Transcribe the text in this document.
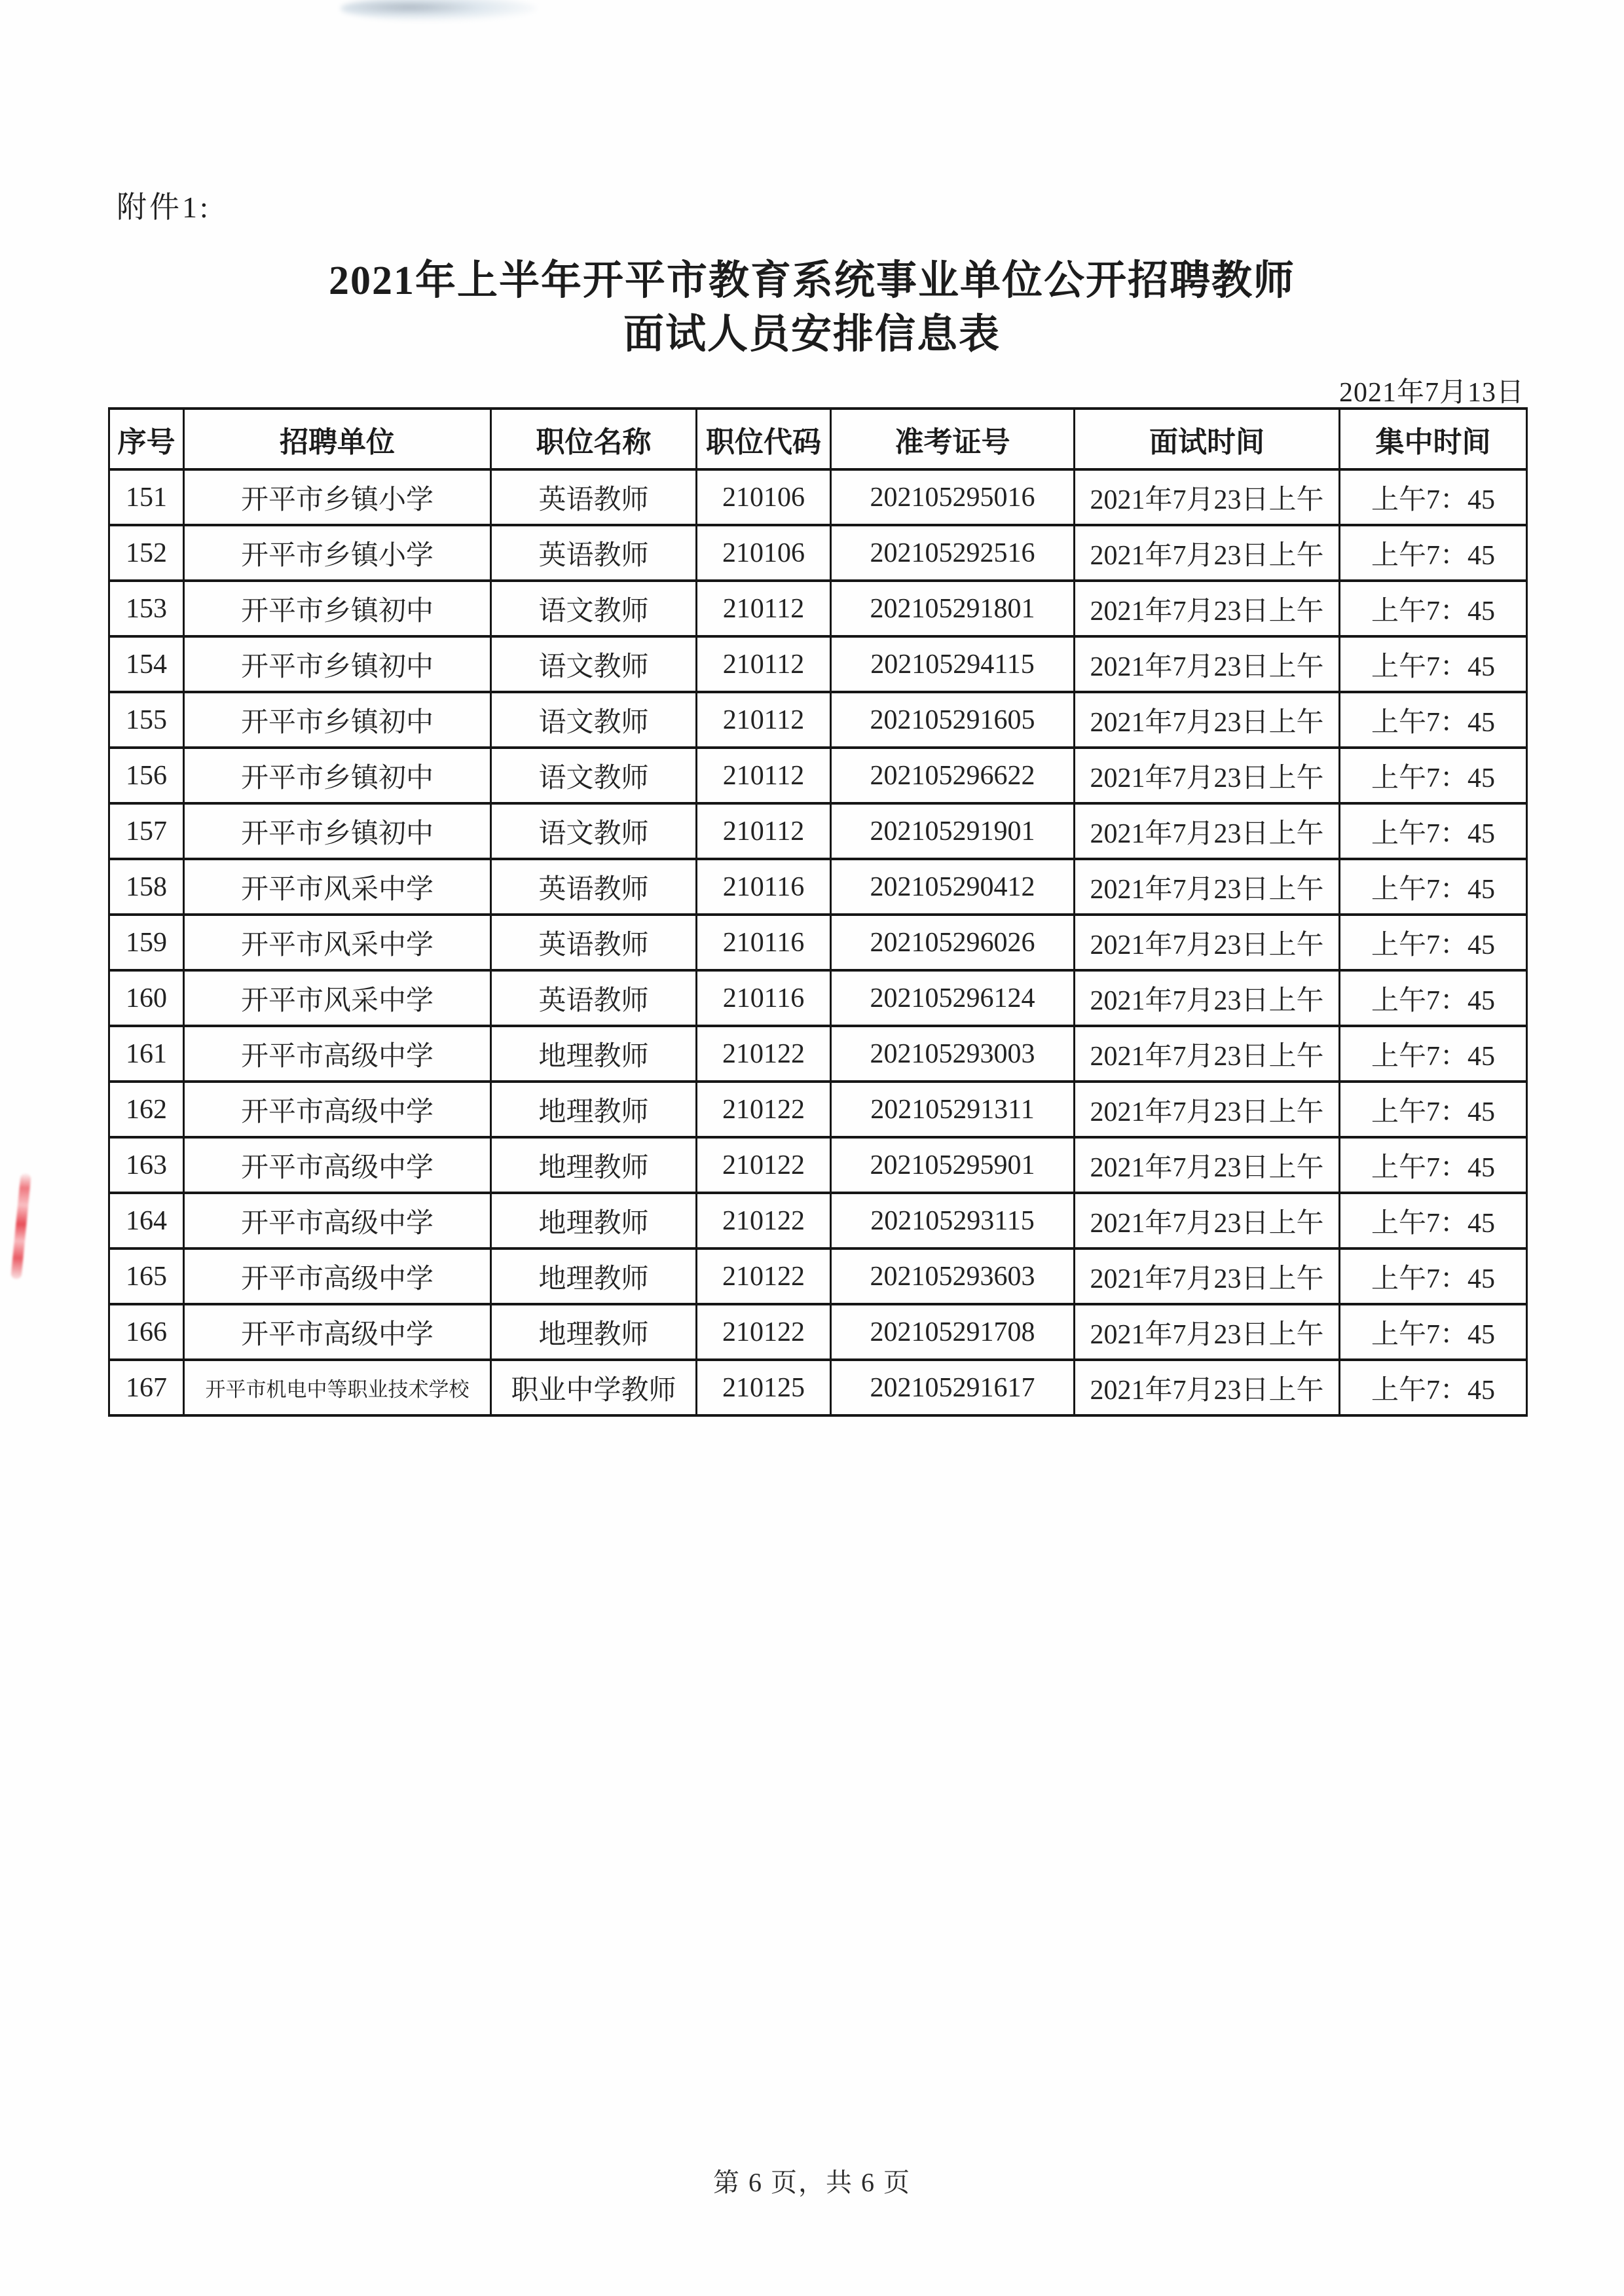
附件1:
2021年上半年开平市教育系统事业单位公开招聘教师
面试人员安排信息表
2021年7月13日
序号	招聘单位	职位名称	职位代码	准考证号	面试时间	集中时间
151	开平市乡镇小学	英语教师	210106	202105295016	2021年7月23日上午	上午7：45
152	开平市乡镇小学	英语教师	210106	202105292516	2021年7月23日上午	上午7：45
153	开平市乡镇初中	语文教师	210112	202105291801	2021年7月23日上午	上午7：45
154	开平市乡镇初中	语文教师	210112	202105294115	2021年7月23日上午	上午7：45
155	开平市乡镇初中	语文教师	210112	202105291605	2021年7月23日上午	上午7：45
156	开平市乡镇初中	语文教师	210112	202105296622	2021年7月23日上午	上午7：45
157	开平市乡镇初中	语文教师	210112	202105291901	2021年7月23日上午	上午7：45
158	开平市风采中学	英语教师	210116	202105290412	2021年7月23日上午	上午7：45
159	开平市风采中学	英语教师	210116	202105296026	2021年7月23日上午	上午7：45
160	开平市风采中学	英语教师	210116	202105296124	2021年7月23日上午	上午7：45
161	开平市高级中学	地理教师	210122	202105293003	2021年7月23日上午	上午7：45
162	开平市高级中学	地理教师	210122	202105291311	2021年7月23日上午	上午7：45
163	开平市高级中学	地理教师	210122	202105295901	2021年7月23日上午	上午7：45
164	开平市高级中学	地理教师	210122	202105293115	2021年7月23日上午	上午7：45
165	开平市高级中学	地理教师	210122	202105293603	2021年7月23日上午	上午7：45
166	开平市高级中学	地理教师	210122	202105291708	2021年7月23日上午	上午7：45
167	开平市机电中等职业技术学校	职业中学教师	210125	202105291617	2021年7月23日上午	上午7：45
第 6 页，共 6 页
